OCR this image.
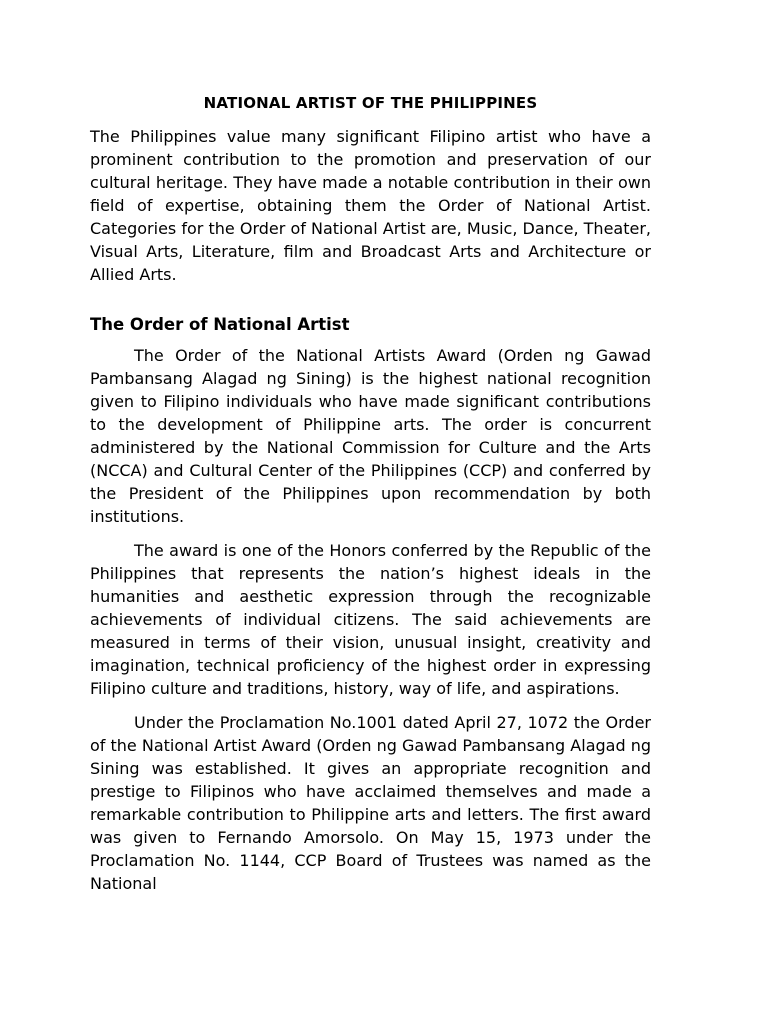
NATIONAL ARTIST OF THE PHILIPPINES

The Philippines value many significant Filipino artist who have a prominent contribution to the promotion and preservation of our cultural heritage. They have made a notable contribution in their own field of expertise, obtaining them the Order of National Artist. Categories for the Order of National Artist are, Music, Dance, Theater, Visual Arts, Literature, film and Broadcast Arts and Architecture or Allied Arts.

The Order of National Artist

The Order of the National Artists Award (Orden ng Gawad Pambansang Alagad ng Sining) is the highest national recognition given to Filipino individuals who have made significant contributions to the development of Philippine arts. The order is concurrent administered by the National Commission for Culture and the Arts (NCCA) and Cultural Center of the Philippines (CCP) and conferred by the President of the Philippines upon recommendation by both institutions.

The award is one of the Honors conferred by the Republic of the Philippines that represents the nation’s highest ideals in the humanities and aesthetic expression through the recognizable achievements of individual citizens. The said achievements are measured in terms of their vision, unusual insight, creativity and imagination, technical proficiency of the highest order in expressing Filipino culture and traditions, history, way of life, and aspirations.

Under the Proclamation No.1001 dated April 27, 1072 the Order of the National Artist Award (Orden ng Gawad Pambansang Alagad ng Sining was established. It gives an appropriate recognition and prestige to Filipinos who have acclaimed themselves and made a remarkable contribution to Philippine arts and letters. The first award was given to Fernando Amorsolo. On May 15, 1973 under the Proclamation No. 1144, CCP Board of Trustees was named as the National
